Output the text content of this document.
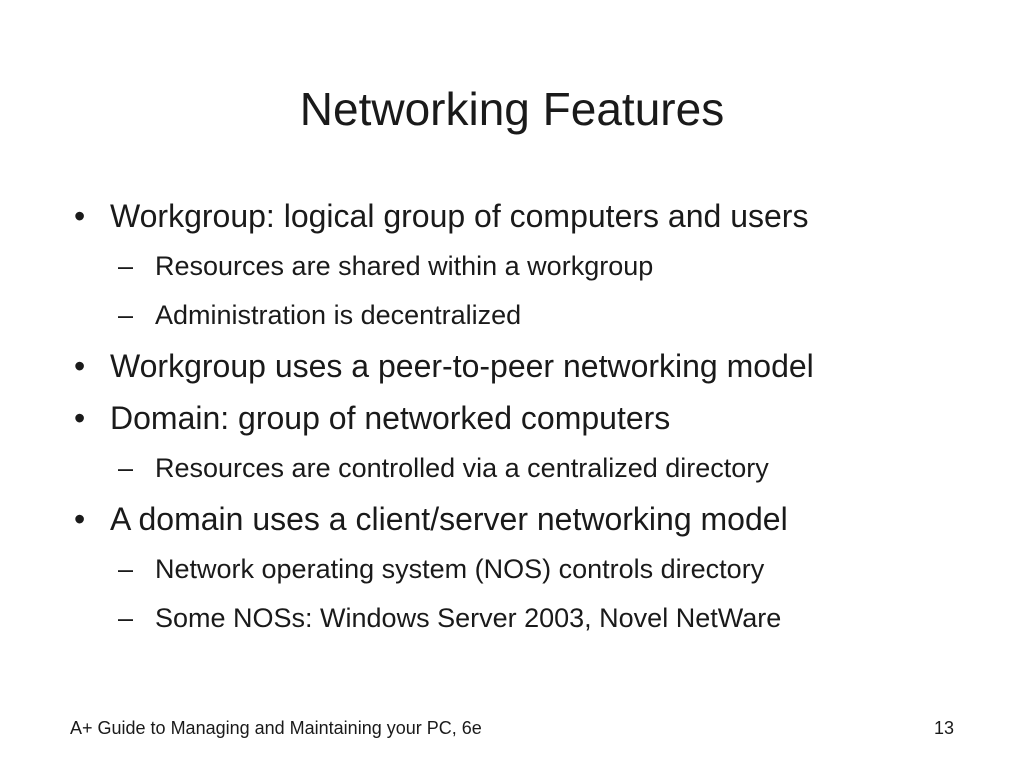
Networking Features
• Workgroup: logical group of computers and users
– Resources are shared within a workgroup
– Administration is decentralized
• Workgroup uses a peer-to-peer networking model
• Domain: group of networked computers
– Resources are controlled via a centralized directory
• A domain uses a client/server networking model
– Network operating system (NOS) controls directory
– Some NOSs: Windows Server 2003, Novel NetWare
A+ Guide to Managing and Maintaining your PC, 6e	13
